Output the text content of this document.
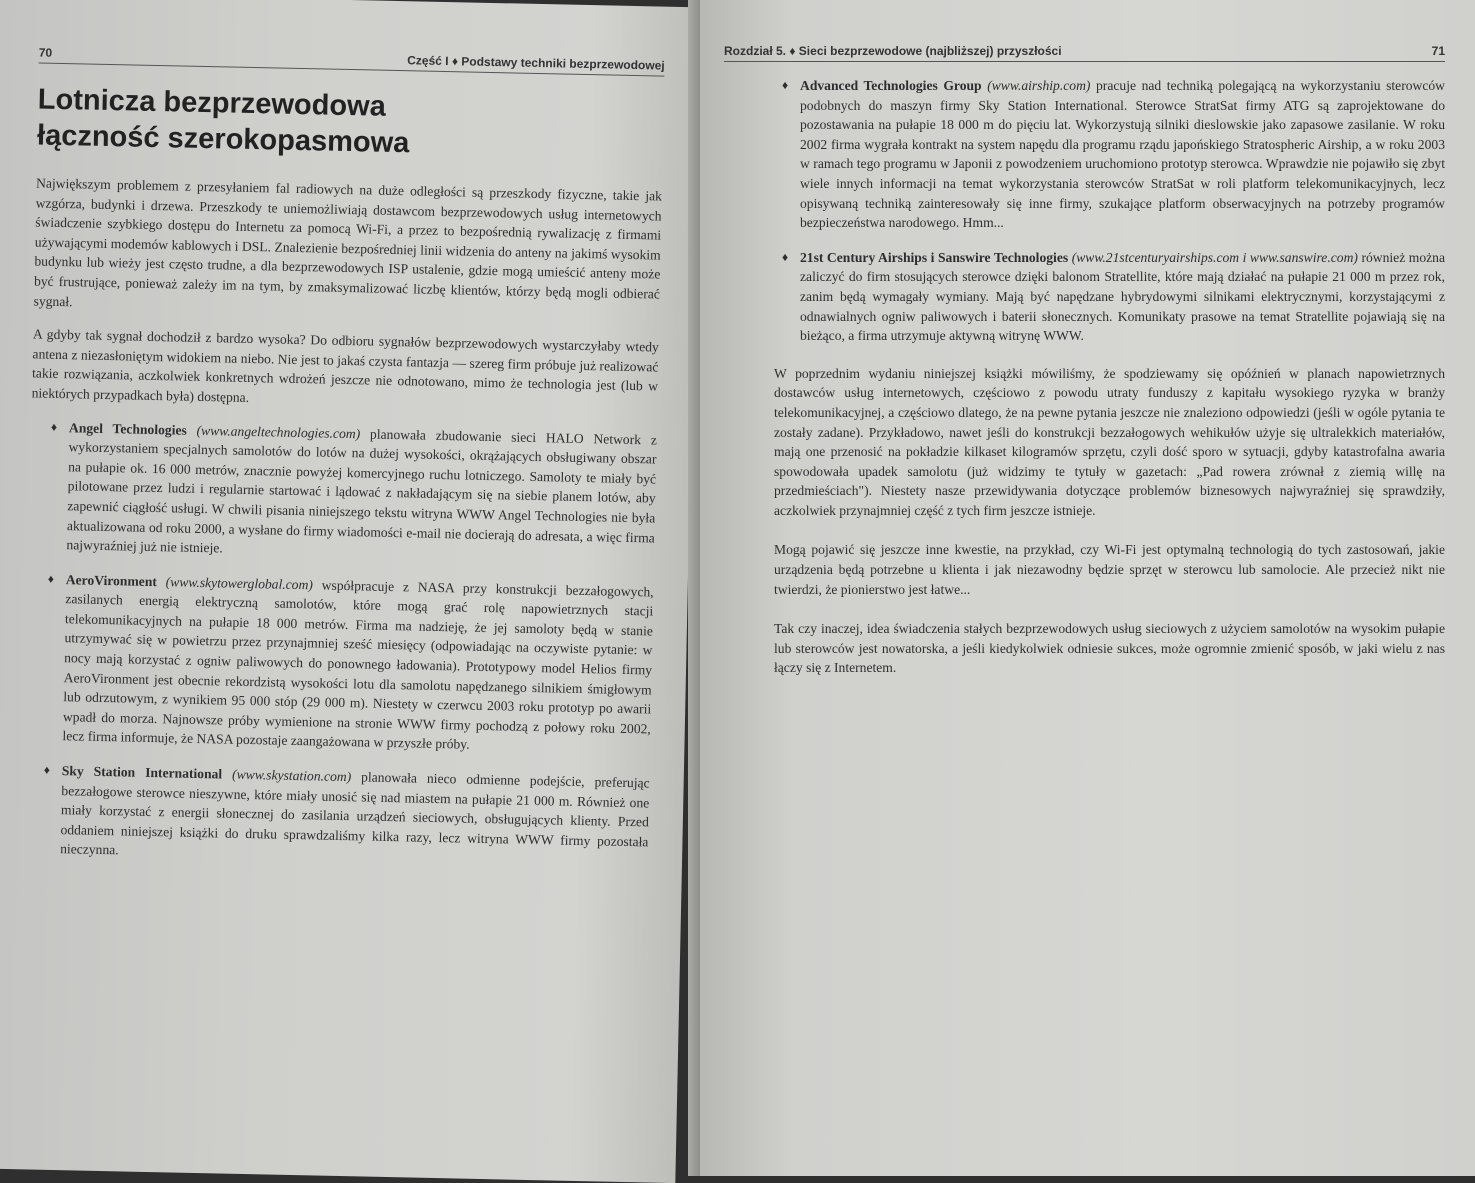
70
Część I ♦ Podstawy techniki bezprzewodowej
Lotnicza bezprzewodowa
łączność szerokopasmowa

Największym problemem z przesyłaniem fal radiowych na duże odległości są przeszkody fizyczne, takie jak wzgórza, budynki i drzewa. Przeszkody te uniemożliwiają dostawcom bezprzewodowych usług internetowych świadczenie szybkiego dostępu do Internetu za pomocą Wi-Fi, a przez to bezpośrednią rywalizację z firmami używającymi modemów kablowych i DSL. Znalezienie bezpośredniej linii widzenia do anteny na jakimś wysokim budynku lub wieży jest często trudne, a dla bezprzewodowych ISP ustalenie, gdzie mogą umieścić anteny może być frustrujące, ponieważ zależy im na tym, by zmaksymalizować liczbę klientów, którzy będą mogli odbierać sygnał.

A gdyby tak sygnał dochodził z bardzo wysoka? Do odbioru sygnałów bezprzewodowych wystarczyłaby wtedy antena z niezasłoniętym widokiem na niebo. Nie jest to jakaś czysta fantazja — szereg firm próbuje już realizować takie rozwiązania, aczkolwiek konkretnych wdrożeń jeszcze nie odnotowano, mimo że technologia jest (lub w niektórych przypadkach była) dostępna.

♦ Angel Technologies (www.angeltechnologies.com) planowała zbudowanie sieci HALO Network z wykorzystaniem specjalnych samolotów do lotów na dużej wysokości, okrążających obsługiwany obszar na pułapie ok. 16 000 metrów, znacznie powyżej komercyjnego ruchu lotniczego. Samoloty te miały być pilotowane przez ludzi i regularnie startować i lądować z nakładającym się na siebie planem lotów, aby zapewnić ciągłość usługi. W chwili pisania niniejszego tekstu witryna WWW Angel Technologies nie była aktualizowana od roku 2000, a wysłane do firmy wiadomości e-mail nie docierają do adresata, a więc firma najwyraźniej już nie istnieje.
♦ AeroVironment (www.skytowerglobal.com) współpracuje z NASA przy konstrukcji bezzałogowych, zasilanych energią elektryczną samolotów, które mogą grać rolę napowietrznych stacji telekomunikacyjnych na pułapie 18 000 metrów. Firma ma nadzieję, że jej samoloty będą w stanie utrzymywać się w powietrzu przez przynajmniej sześć miesięcy (odpowiadając na oczywiste pytanie: w nocy mają korzystać z ogniw paliwowych do ponownego ładowania). Prototypowy model Helios firmy AeroVironment jest obecnie rekordzistą wysokości lotu dla samolotu napędzanego silnikiem śmigłowym lub odrzutowym, z wynikiem 95 000 stóp (29 000 m). Niestety w czerwcu 2003 roku prototyp po awarii wpadł do morza. Najnowsze próby wymienione na stronie WWW firmy pochodzą z połowy roku 2002, lecz firma informuje, że NASA pozostaje zaangażowana w przyszłe próby.
♦ Sky Station International (www.skystation.com) planowała nieco odmienne podejście, preferując bezzałogowe sterowce nieszywne, które miały unosić się nad miastem na pułapie 21 000 m. Również one miały korzystać z energii słonecznej do zasilania urządzeń sieciowych, obsługujących klienty. Przed oddaniem niniejszej książki do druku sprawdzaliśmy kilka razy, lecz witryna WWW firmy pozostała nieczynna.
Rozdział 5. ♦ Sieci bezprzewodowe (najbliższej) przyszłości	71
♦ Advanced Technologies Group (www.airship.com) pracuje nad techniką polegającą na wykorzystaniu sterowców podobnych do maszyn firmy Sky Station International. Sterowce StratSat firmy ATG są zaprojektowane do pozostawania na pułapie 18 000 m do pięciu lat. Wykorzystują silniki dieslowskie jako zapasowe zasilanie. W roku 2002 firma wygrała kontrakt na system napędu dla programu rządu japońskiego Stratospheric Airship, a w roku 2003 w ramach tego programu w Japonii z powodzeniem uruchomiono prototyp sterowca. Wprawdzie nie pojawiło się zbyt wiele innych informacji na temat wykorzystania sterowców StratSat w roli platform telekomunikacyjnych, lecz opisywaną techniką zainteresowały się inne firmy, szukające platform obserwacyjnych na potrzeby programów bezpieczeństwa narodowego. Hmm...
♦ 21st Century Airships i Sanswire Technologies (www.21stcenturyairships.com i www.sanswire.com) również można zaliczyć do firm stosujących sterowce dzięki balonom Stratellite, które mają działać na pułapie 21 000 m przez rok, zanim będą wymagały wymiany. Mają być napędzane hybrydowymi silnikami elektrycznymi, korzystającymi z odnawialnych ogniw paliwowych i baterii słonecznych. Komunikaty prasowe na temat Stratellite pojawiają się na bieżąco, a firma utrzymuje aktywną witrynę WWW.

W poprzednim wydaniu niniejszej książki mówiliśmy, że spodziewamy się opóźnień w planach napowietrznych dostawców usług internetowych, częściowo z powodu utraty funduszy z kapitału wysokiego ryzyka w branży telekomunikacyjnej, a częściowo dlatego, że na pewne pytania jeszcze nie znaleziono odpowiedzi (jeśli w ogóle pytania te zostały zadane). Przykładowo, nawet jeśli do konstrukcji bezzałogowych wehikułów użyje się ultralekkich materiałów, mają one przenosić na pokładzie kilkaset kilogramów sprzętu, czyli dość sporo w sytuacji, gdyby katastrofalna awaria spowodowała upadek samolotu (już widzimy te tytuły w gazetach: „Pad rowera zrównał z ziemią willę na przedmieściach"). Niestety nasze przewidywania dotyczące problemów biznesowych najwyraźniej się sprawdziły, aczkolwiek przynajmniej część z tych firm jeszcze istnieje.

Mogą pojawić się jeszcze inne kwestie, na przykład, czy Wi-Fi jest optymalną technologią do tych zastosowań, jakie urządzenia będą potrzebne u klienta i jak niezawodny będzie sprzęt w sterowcu lub samolocie. Ale przecież nikt nie twierdzi, że pionierstwo jest łatwe...

Tak czy inaczej, idea świadczenia stałych bezprzewodowych usług sieciowych z użyciem samolotów na wysokim pułapie lub sterowców jest nowatorska, a jeśli kiedykolwiek odniesie sukces, może ogromnie zmienić sposób, w jaki wielu z nas łączy się z Internetem.
